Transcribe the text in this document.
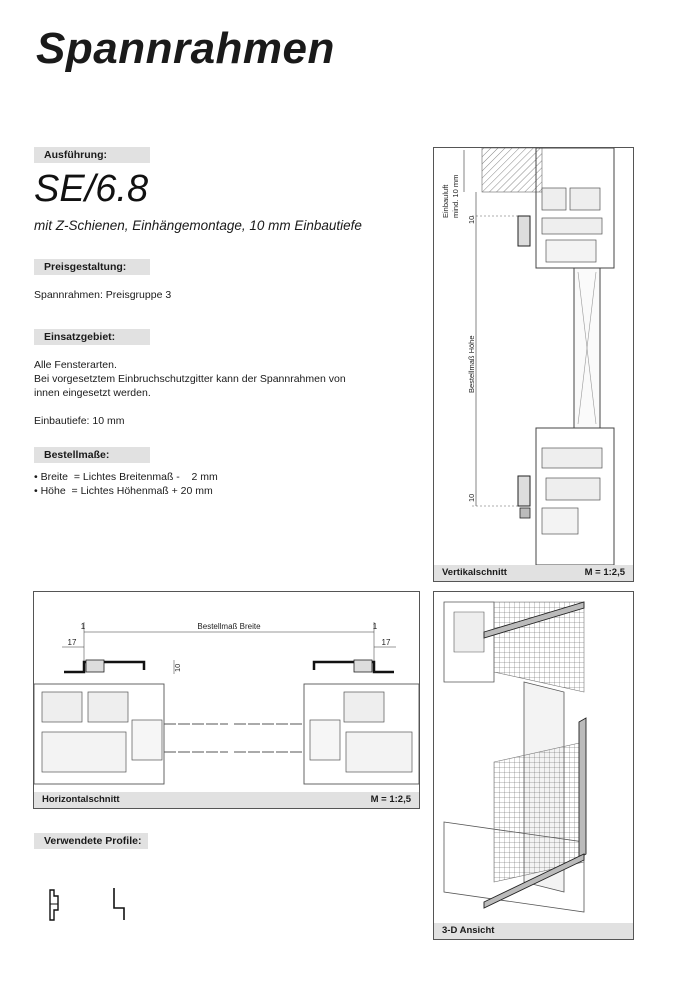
Spannrahmen
Ausführung:
SE/6.8
mit Z-Schienen, Einhängemontage, 10 mm Einbautiefe
Preisgestaltung:
Spannrahmen: Preisgruppe 3
Einsatzgebiet:
Alle Fensterarten.
Bei vorgesetztem Einbruchschutzgitter kann der Spannrahmen von
innen eingesetzt werden.
Einbautiefe: 10 mm
Bestellmaße:
• Breite  = Lichtes Breitenmaß -    2 mm
• Höhe  = Lichtes Höhenmaß + 20 mm
Einbauluft mind. 10 mm
10
Bestellmaß Höhe
10
Vertikalschnitt	M = 1:2,5
Bestellmaß Breite
1	1
17	17
10
Horizontalschnitt	M = 1:2,5
3-D Ansicht
Verwendete Profile:
